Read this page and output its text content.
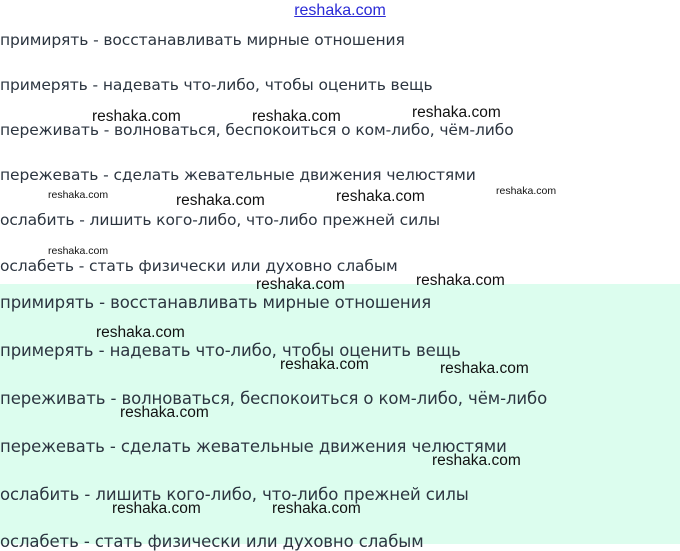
reshaka.com
примирять - восстанавливать мирные отношения
примерять - надевать что-либо, чтобы оценить вещь
переживать - волноваться, беспокоиться о ком-либо, чём-либо
пережевать - сделать жевательные движения челюстями
ослабить - лишить кого-либо, что-либо прежней силы
ослабеть - стать физически или духовно слабым
примирять - восстанавливать мирные отношения
примерять - надевать что-либо, чтобы оценить вещь
переживать - волноваться, беспокоиться о ком-либо, чём-либо
пережевать - сделать жевательные движения челюстями
ослабить - лишить кого-либо, что-либо прежней силы
ослабеть - стать физически или духовно слабым
reshaka.com	reshaka.com	reshaka.com
reshaka.com	reshaka.com	reshaka.com	reshaka.com
reshaka.com
reshaka.com	reshaka.com
reshaka.com
reshaka.com	reshaka.com
reshaka.com
reshaka.com
reshaka.com	reshaka.com
